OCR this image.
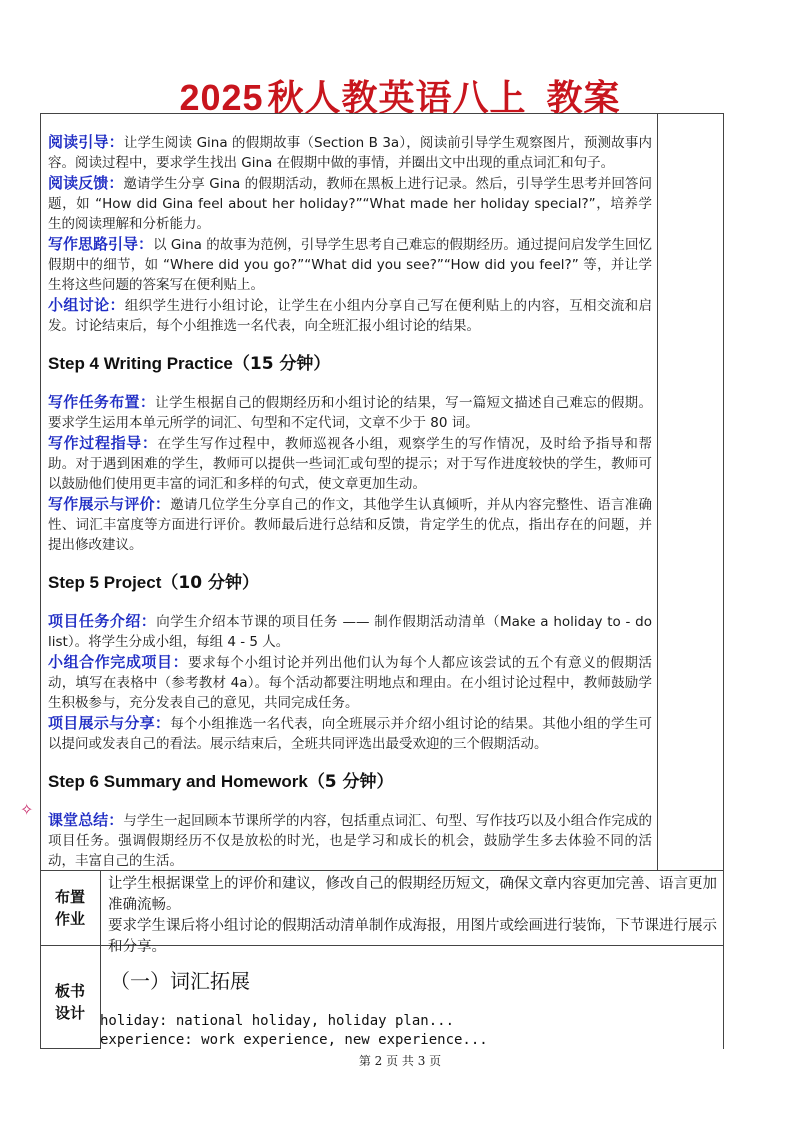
2025 秋人教英语八上 教案
✧

阅读引导：让学生阅读 Gina 的假期故事（Section B 3a），阅读前引导学生观察图片，预测故事内容。阅读过程中，要求学生找出 Gina 在假期中做的事情，并圈出文中出现的重点词汇和句子。

阅读反馈：邀请学生分享 Gina 的假期活动，教师在黑板上进行记录。然后，引导学生思考并回答问题，如 “How did Gina feel about her holiday?”“What made her holiday special?”，培养学生的阅读理解和分析能力。

写作思路引导：以 Gina 的故事为范例，引导学生思考自己难忘的假期经历。通过提问启发学生回忆假期中的细节，如 “Where did you go?”“What did you see?”“How did you feel?” 等，并让学生将这些问题的答案写在便利贴上。

小组讨论：组织学生进行小组讨论，让学生在小组内分享自己写在便利贴上的内容，互相交流和启发。讨论结束后，每个小组推选一名代表，向全班汇报小组讨论的结果。

Step 4 Writing Practice（15 分钟）

写作任务布置：让学生根据自己的假期经历和小组讨论的结果，写一篇短文描述自己难忘的假期。要求学生运用本单元所学的词汇、句型和不定代词，文章不少于 80 词。

写作过程指导：在学生写作过程中，教师巡视各小组，观察学生的写作情况，及时给予指导和帮助。对于遇到困难的学生，教师可以提供一些词汇或句型的提示；对于写作进度较快的学生，教师可以鼓励他们使用更丰富的词汇和多样的句式，使文章更加生动。

写作展示与评价：邀请几位学生分享自己的作文，其他学生认真倾听，并从内容完整性、语言准确性、词汇丰富度等方面进行评价。教师最后进行总结和反馈，肯定学生的优点，指出存在的问题，并提出修改建议。

Step 5 Project（10 分钟）

项目任务介绍：向学生介绍本节课的项目任务 —— 制作假期活动清单（Make a holiday to - do list）。将学生分成小组，每组 4 - 5 人。

小组合作完成项目：要求每个小组讨论并列出他们认为每个人都应该尝试的五个有意义的假期活动，填写在表格中（参考教材 4a）。每个活动都要注明地点和理由。在小组讨论过程中，教师鼓励学生积极参与，充分发表自己的意见，共同完成任务。

项目展示与分享：每个小组推选一名代表，向全班展示并介绍小组讨论的结果。其他小组的学生可以提问或发表自己的看法。展示结束后，全班共同评选出最受欢迎的三个假期活动。

Step 6 Summary and Homework（5 分钟）

课堂总结：与学生一起回顾本节课所学的内容，包括重点词汇、句型、写作技巧以及小组合作完成的项目任务。强调假期经历不仅是放松的时光，也是学习和成长的机会，鼓励学生多去体验不同的活动，丰富自己的生活。

布置
作业

让学生根据课堂上的评价和建议，修改自己的假期经历短文，确保文章内容更加完善、语言更加准确流畅。

要求学生课后将小组讨论的假期活动清单制作成海报，用图片或绘画进行装饰，下节课进行展示和分享。

板书
设计
（一）词汇拓展
holiday: national holiday, holiday plan...
experience: work experience, new experience...
第 2 页 共 3 页
